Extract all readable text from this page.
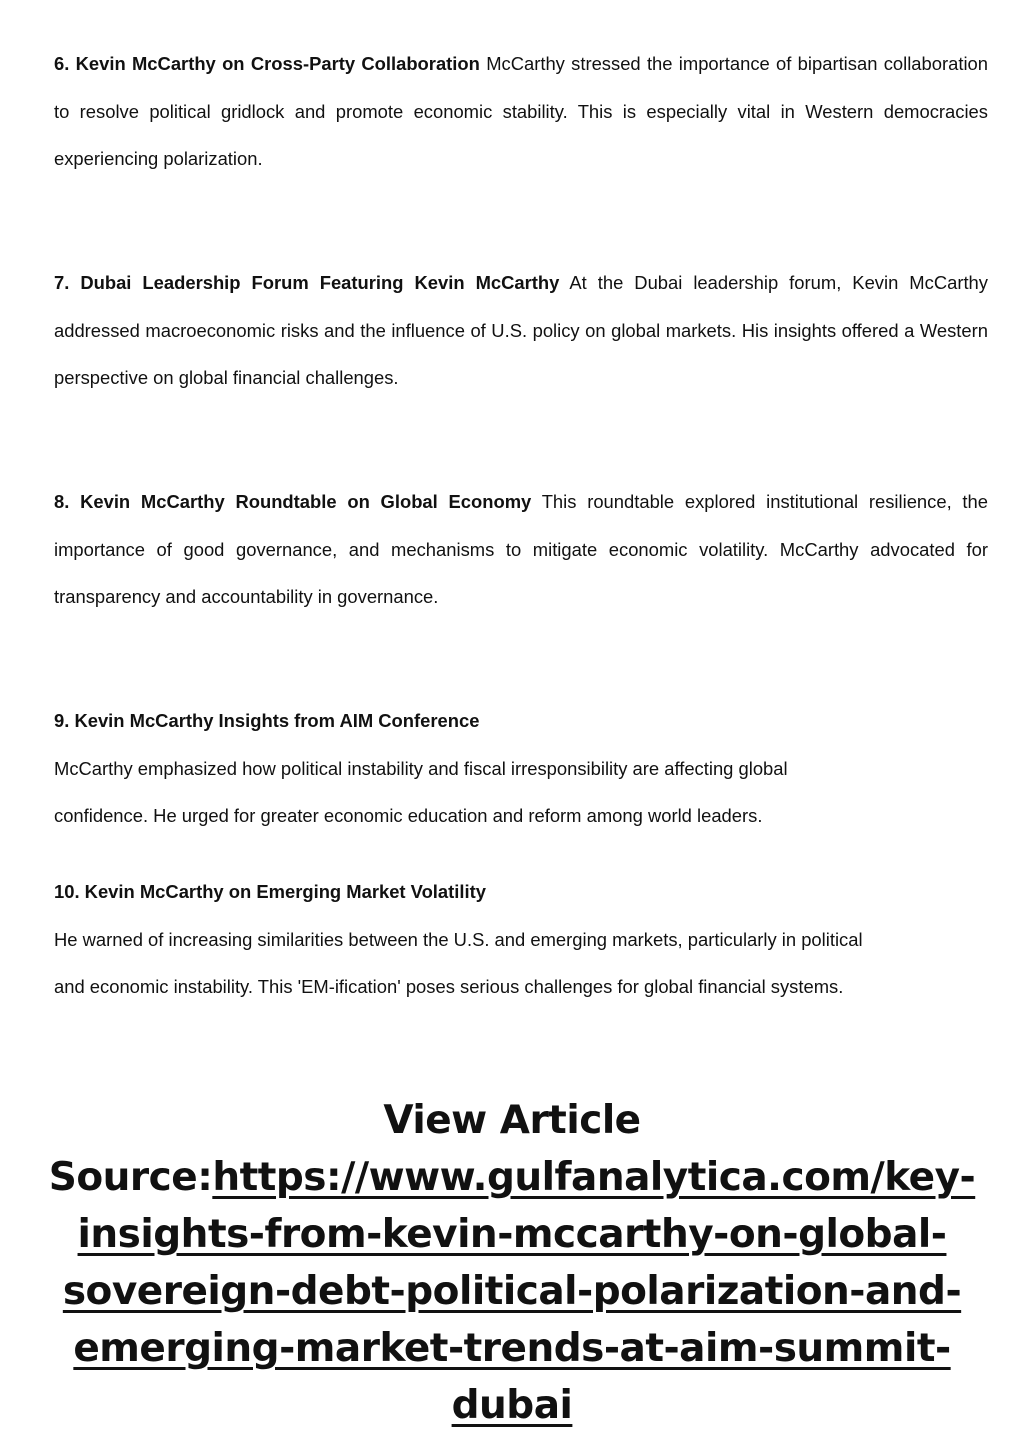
6. Kevin McCarthy on Cross-Party Collaboration McCarthy stressed the importance of bipartisan collaboration to resolve political gridlock and promote economic stability. This is especially vital in Western democracies experiencing polarization.
7. Dubai Leadership Forum Featuring Kevin McCarthy At the Dubai leadership forum, Kevin McCarthy addressed macroeconomic risks and the influence of U.S. policy on global markets. His insights offered a Western perspective on global financial challenges.
8. Kevin McCarthy Roundtable on Global Economy This roundtable explored institutional resilience, the importance of good governance, and mechanisms to mitigate economic volatility. McCarthy advocated for transparency and accountability in governance.
9. Kevin McCarthy Insights from AIM Conference
McCarthy emphasized how political instability and fiscal irresponsibility are affecting global
confidence. He urged for greater economic education and reform among world leaders.
10. Kevin McCarthy on Emerging Market Volatility
He warned of increasing similarities between the U.S. and emerging markets, particularly in political
and economic instability. This 'EM-ification' poses serious challenges for global financial systems.
View Article
Source:https://www.gulfanalytica.com/key-
insights-from-kevin-mccarthy-on-global-
sovereign-debt-political-polarization-and-
emerging-market-trends-at-aim-summit-dubai
